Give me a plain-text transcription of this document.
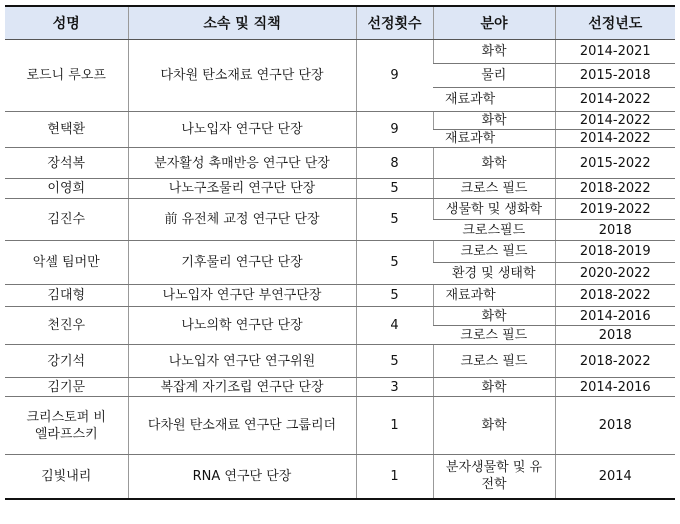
성명	소속 및 직책	선정횟수	분야	선정년도
로드니 루오프	다차원 탄소재료 연구단 단장	9	화학	2014-2021
			물리	2015-2018
			재료과학	2014-2022
현택환	나노입자 연구단 단장	9	화학	2014-2022
			재료과학	2014-2022
장석복	분자활성 촉매반응 연구단 단장	8	화학	2015-2022
이영희	나노구조물리 연구단 단장	5	크로스 필드	2018-2022
김진수	前 유전체 교정 연구단 단장	5	생물학 및 생화학	2019-2022
			크로스필드	2018
악셀 팀머만	기후물리 연구단 단장	5	크로스 필드	2018-2019
			환경 및 생태학	2020-2022
김대형	나노입자 연구단 부연구단장	5	재료과학	2018-2022
천진우	나노의학 연구단 단장	4	화학	2014-2016
			크로스 필드	2018
강기석	나노입자 연구단 연구위원	5	크로스 필드	2018-2022
김기문	복잡계 자기조립 연구단 단장	3	화학	2014-2016
크리스토퍼 비엘라프스키	다차원 탄소재료 연구단 그룹리더	1	화학	2018
김빛내리	RNA 연구단 단장	1	분자생물학 및 유전학	2014
